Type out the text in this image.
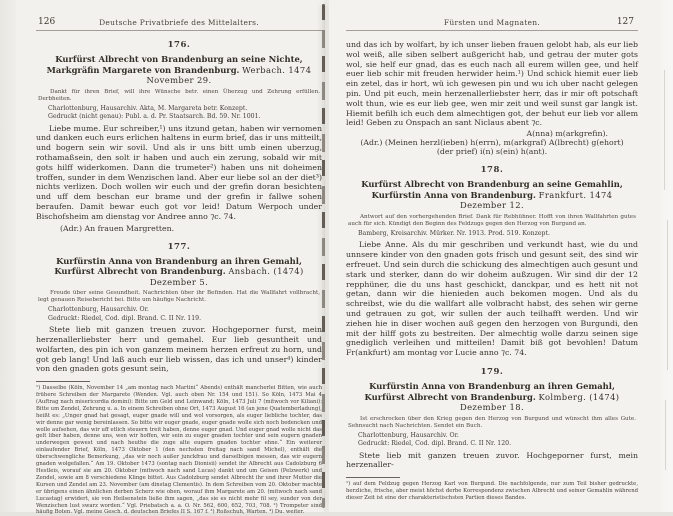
126	Deutsche Privatbriefe des Mittelalters.
176.
Kurfürst Albrecht von Brandenburg an seine Nichte, Markgräfin Margarete von Brandenburg. Werbach. 1474 November 29.
Dankt für ihren Brief, will ihre Wünsche betr. einen Überzug und Zehrung erfüllen. Derbheiten.
Charlottenburg, Hausarchiv. Akta, M. Margareta betr. Konzept.
Gedruckt (nicht genau): Publ. a. d. Pr. Staatsarch. Bd. 59. Nr. 1001.
Liebe mume. Eur schreiber,¹) uns itzund getan, haben wir vernomen und danken euch eurs erlichen haltens in eurm brief, das ir uns mitteilt, und bogern sein wir sovil. Und als ir uns bitt umb einen uberzug, rothamaßsein, den solt ir haben und auch ein zerung, sobald wir mit gots hilff widerkomen. Dann die trumeter²) haben uns nit doheimen troffen, sunder in dem Wenzischen land. Aber eur liebe sol an der diet³) nichts verlizen. Doch wollen wir euch und der grefin doran besichten und uff dem beschan eur brame und der grefin ir fallwe sohen beraufen. Damit bewar euch got vor leid! Datum Werpoch under Bischofsheim am dienstag vor Andree anno ⁊c. 74.
(Adr.) An frauen Margretten.
177.
Kurfürstin Anna von Brandenburg an ihren Gemahl, Kurfürst Albrecht von Brandenburg. Ansbach. (1474) Dezember 5.
Freude über seine Gesundheit. Nachrichten über ihr Befinden. Hat die Wallfahrt vollbracht, legt genauen Reisebericht bei. Bitte um häufige Nachricht.
Charlottenburg, Hausarchiv. Or.
Gedruckt: Riedel, Cod. dipl. Brand. C. II Nr. 119.
Stete lieb mit ganzen treuen zuvor. Hochgeporner furst, mein herzenallerliebster herr und gemahel. Eur lieb gesuntheit und wolfarten, des pin ich von ganzem meinem herzen erfreut zu horn, und got geb lang! Und laß auch eur lieb wissen, das ich und unser⁴) kinder von den gnaden gots gesunt sein,
¹) Dasselbe (Köln, November 14 „am montag nach Martini“ Abends) enthält mancherlei Bitten, wie auch frühere Schreiben der Margarete (Wenden. Vgl. auch oben Nr. 154 und 151). So Köln, 1473 Mai 4 (Auftrag nach misericordia domini): Bitte um Geld und Leinwand; Köln, 1473 Juli 7 (mitwoch vor Kiliani): Bitte um Zendel, Zehrung u. a. In einem Schreiben ohne Ort, 1473 August 16 (an jene Quatemberladung), heißt es: „Unger gnad hat gesagt, euger gnade will und wol vorsorgen, als euger liebliche tochter, das wir denne gar wenig bereinlassen. So bitte wir euger gnade, euger gnade wolle sich noch bedencken und wolle aufsehen, das wir uff etlich steuern treit haben, denne euger gnad. Und euger gnad wolle nicht das gelt liber haben, denne uns, wen wir hoffen, wir sein zu euger gnaden tochter und sein eugern gnaden underwegen gewest und nach heuthe die zuge alte eugern gnaden tochter ehne.“ Ein weiterer einlaufender Brief, Köln, 1473 Oktober 1 (den nechsten freitag nach sand Michel), enthält die überschwengliche Bemerkung, „das wir noch außer junckfrau und darselbigen messen, das wir eugern gnaden wolgefallen.“ Am 19. Oktober 1473 (sontag nach Dionisii) sendet ihr Albrecht aus Cadolzburg 6 Hestleis, worauf sie am 20. Oktober (mitwoch nach sand Lucas) dankt und um Geisen (Pelzwerk) und Zendel, sowie am 8 verschiedene Klinge bittet. Aus Cadolzburg sendet Albrecht ihr und ihrer Mutter die Kursen und Zendel am 23. November (am dinstag Clementis). In dem Schreiben vom 20. Oktober machte er übrigens einen ähnlichen derben Scherz wie oben, worauf ihm Margarete am 20. (mitwoch nach sand Lucastag) erwidert, sie von Heilsenstein ließe ihm sagen, „das sie es nicht mehr fil sey, sunder von der Wenzischen lust swarz worden.“ Vgl. Priebatsch a. a. O. Nr. 562, 600, 652, 703, 708. ²) Trompeter sind häufig Boten. Vgl. meine Gesch. d. deutschen Briefes II S. 167 f. ³) Roßschuh, Warten. ⁴) Du. weiter.
127
Fürsten und Magnaten.
und das ich by wolfart, by ich unser lieben frauen gelobt hab, als eur lieb wol weiß, alle siben selbert außgericht hab, und getrau der muter gots wol, sie helf eur gnad, das es euch nach all eurem willen gee, und helf euer lieb schir mit freuden herwider heim.¹) Und schick hiemit euer lieb ein zetel, das ir hort, wü ich gewesen pin und wu ich uber nacht gelegen pin. Und pit euch, mein herzenallerliebster herr, das ir mir oft potschaft wolt thun, wie es eur lieb gee, wen mir zeit und weil sunst gar langk ist. Hiemit befilh ich euch dem almechtigen got, der behut eur lieb vor allem leid! Geben zu Onspach an sant Niclaus abent ⁊c.
A(nna) m(arkgrefin).
(Adr.) (Meinen herzl(ieben) h(errn), m(arkgraf) A(lbrecht) g(ehort)
(der prief) i(n) s(ein) h(ant).
178.
Kurfürst Albrecht von Brandenburg an seine Gemahlin, Kurfürstin Anna von Brandenburg. Frankfurt. 1474 Dezember 12.
Antwort auf den vorhergehenden Brief. Dank für Rebhühner. Hofft von ihren Wallfahrten gutes auch für sich. Kündigt den Beginn des Feldzugs gegen den Herzog von Burgund an.
Bamberg, Kreisarchiv. Mürker. Nr. 1913. Prod. 519. Konzept.
Liebe Anne. Als du mir geschriben und verkundt hast, wie du und unnsere kinder von den gnaden gots frisch und gesunt seit, des sind wir erfreuet. Und sein durch die schickung des almechtigen auch gesunt und stark und sterker, dann do wir doheim außzugen. Wir sind dir der 12 repphüner, die du uns hast geschickt, danckpar, und es hett nit not getan, dann wir die hienieden auch bekomen mogen. Und als du schreibst, wie du die wallfart alle volbracht habst, des sehen wir gerne und getrauen zu got, wir sullen der auch teilhafft werden. Und wir ziehen hie in diser wochen auß gegen den herzogen von Burgundi, den mit der hilff gots zu bestreiten. Der almechtig wolle darzu seinen sige gnediglich verleihen und mitteilen! Damit biß got bevohlen! Datum Fr(ankfurt) am montag vor Lucie anno ⁊c. 74.
179.
Kurfürstin Anna von Brandenburg an ihren Gemahl, Kurfürst Albrecht von Brandenburg. Kolmberg. (1474) Dezember 18.
Ist erschrocken über den Krieg gegen den Herzog von Burgund und wünscht ihm alles Gute. Sehnsucht nach Nachrichten. Sendet ein Buch.
Charlottenburg, Hausarchiv. Or.
Gedruckt: Riedel, Cod. dipl. Brand. C. II Nr. 120.
Stete lieb mit ganzen treuen zuvor. Hochgeporner furst, mein herzenaller-
¹) auf dem Feldzug gegen Herzog Karl von Burgund. Die nachfolgende, nur zum Teil bisher gedruckte, herzliche, frische, aber meist höchst derbe Korrespondenz zwischen Albrecht und seiner Gemahlin während dieser Zeit ist eine der charakteristischsten Partien dieses Bandes.
